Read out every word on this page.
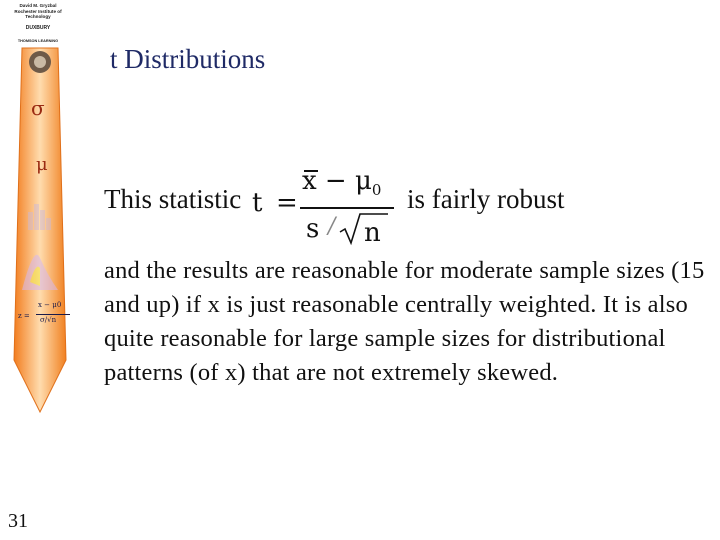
David M. Gryzbal
Rochester Institute of Technology
DUXBURY
THOMSON LEARNING
σ
μ
z =
x − μ0
σ/√n
31
t Distributions
This statistic t =
$x - \mu_0$
s / n
is fairly robust
and the results are reasonable for moderate sample sizes (15 and up) if x is just reasonable centrally weighted. It is also quite reasonable for large sample sizes for distributional patterns (of x) that are not extremely skewed.
